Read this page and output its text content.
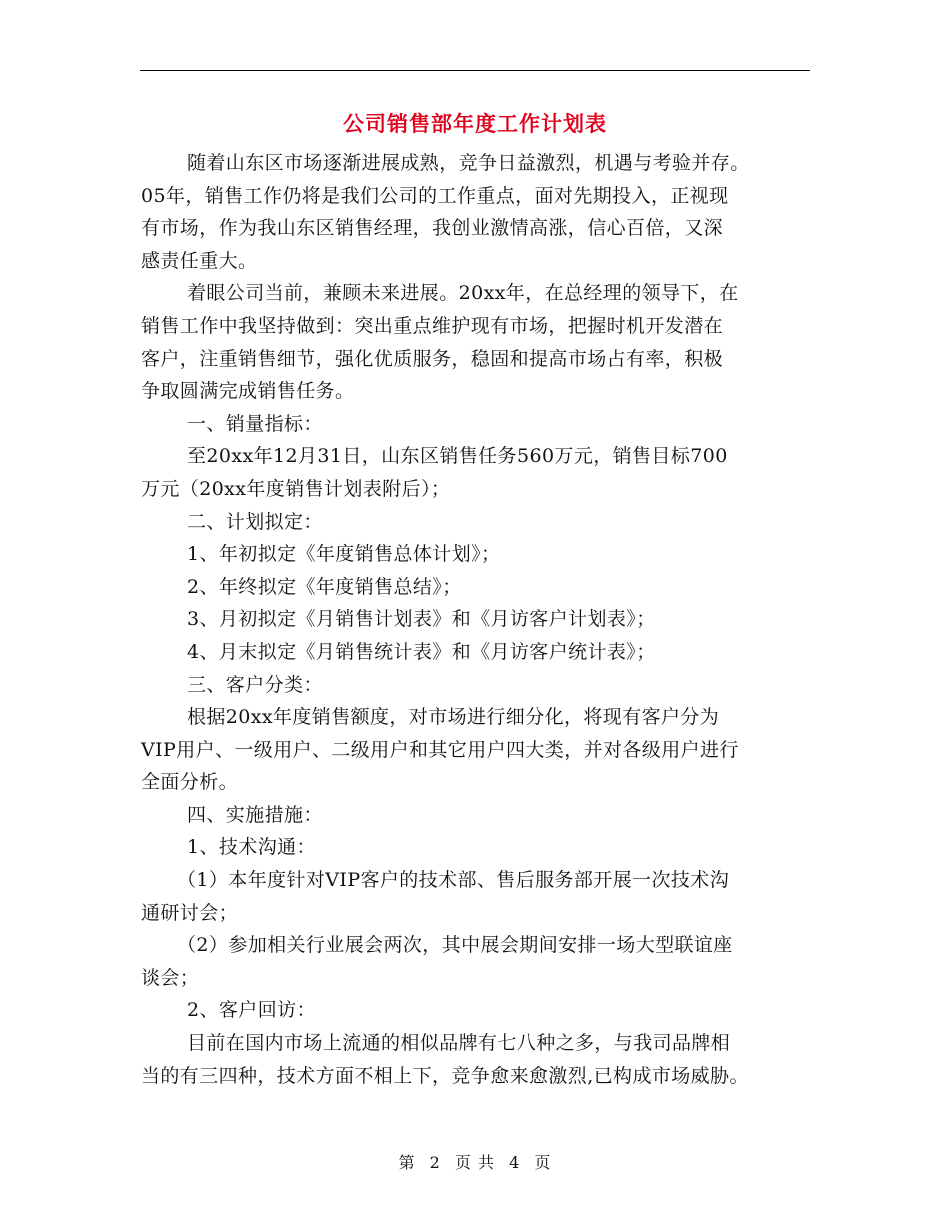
公司销售部年度工作计划表
随着山东区市场逐渐进展成熟，竞争日益激烈，机遇与考验并存。
05年，销售工作仍将是我们公司的工作重点，面对先期投入，正视现
有市场，作为我山东区销售经理，我创业激情高涨，信心百倍，又深
感责任重大。
着眼公司当前，兼顾未来进展。20xx年，在总经理的领导下，在
销售工作中我坚持做到：突出重点维护现有市场，把握时机开发潜在
客户，注重销售细节，强化优质服务，稳固和提高市场占有率，积极
争取圆满完成销售任务。
一、销量指标：
至20xx年12月31日，山东区销售任务560万元，销售目标700
万元（20xx年度销售计划表附后）；
二、计划拟定：
1、年初拟定《年度销售总体计划》；
2、年终拟定《年度销售总结》；
3、月初拟定《月销售计划表》和《月访客户计划表》；
4、月末拟定《月销售统计表》和《月访客户统计表》；
三、客户分类：
根据20xx年度销售额度，对市场进行细分化，将现有客户分为
VIP用户、一级用户、二级用户和其它用户四大类，并对各级用户进行
全面分析。
四、实施措施：
1、技术沟通：
（1）本年度针对VIP客户的技术部、售后服务部开展一次技术沟
通研讨会；
（2）参加相关行业展会两次，其中展会期间安排一场大型联谊座
谈会；
2、客户回访：
目前在国内市场上流通的相似品牌有七八种之多，与我司品牌相
当的有三四种，技术方面不相上下，竞争愈来愈激烈,已构成市场威胁。
第 2 页 共 4 页
